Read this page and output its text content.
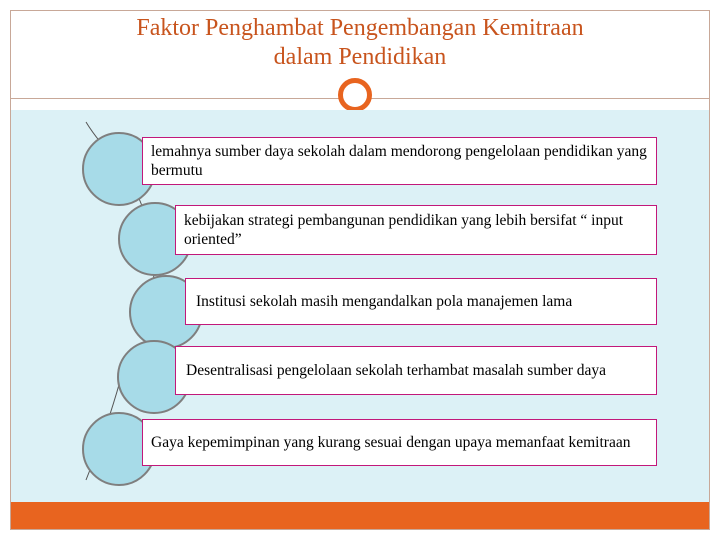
Faktor Penghambat Pengembangan Kemitraan
dalam Pendidikan
lemahnya sumber daya sekolah dalam mendorong pengelolaan pendidikan yang bermutu
kebijakan strategi pembangunan pendidikan yang lebih bersifat “ input oriented”
Institusi sekolah masih mengandalkan pola manajemen lama
Desentralisasi pengelolaan sekolah terhambat masalah sumber daya
Gaya kepemimpinan yang kurang sesuai dengan upaya memanfaat kemitraan
